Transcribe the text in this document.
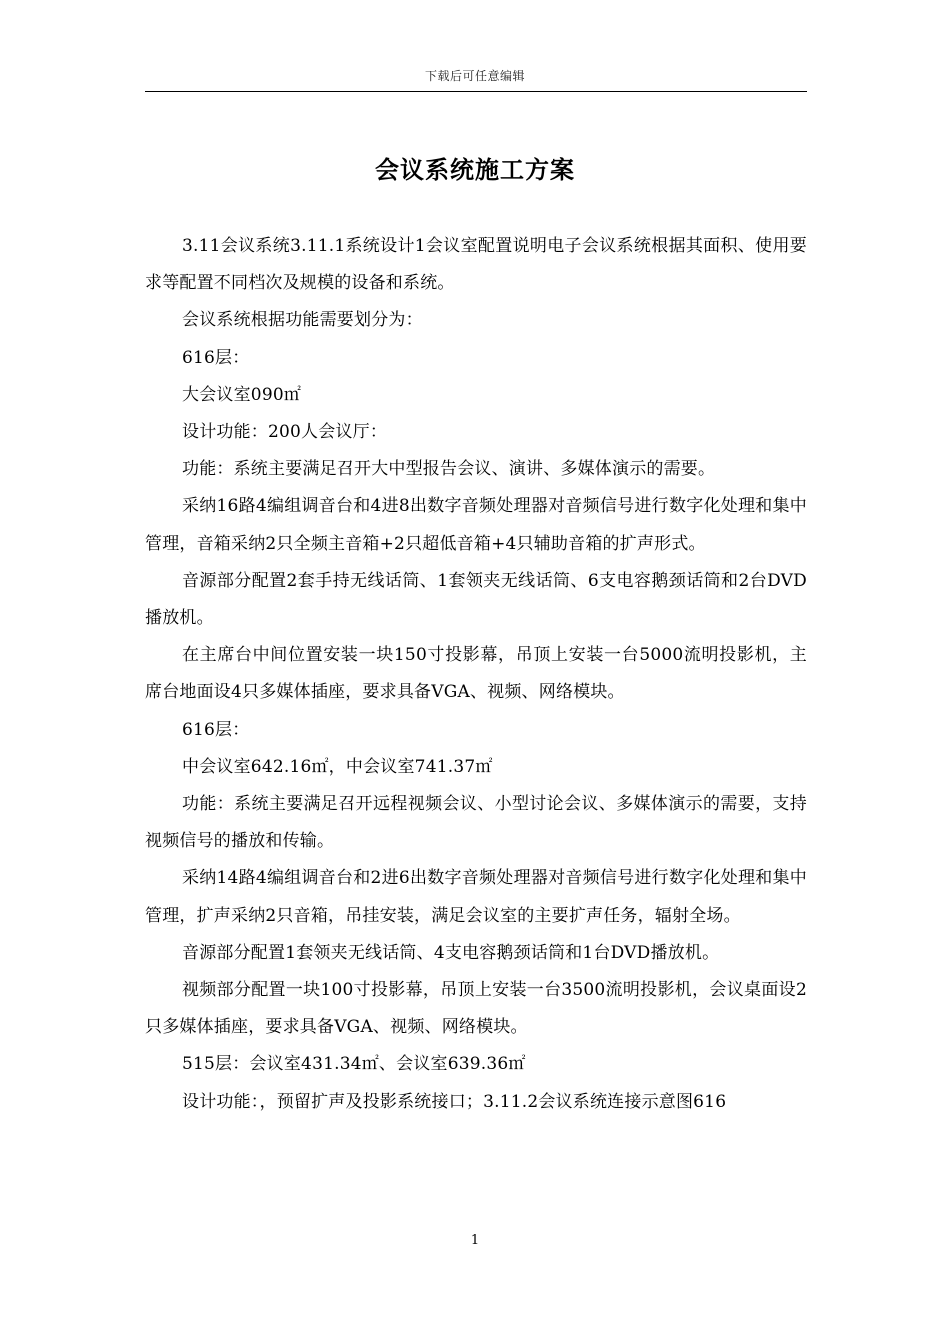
下载后可任意编辑
会议系统施工方案

3.11会议系统3.11.1系统设计1会议室配置说明电子会议系统根据其面积、使用要求等配置不同档次及规模的设备和系统。

会议系统根据功能需要划分为：

616层：

大会议室090㎡

设计功能：200人会议厅：

功能：系统主要满足召开大中型报告会议、演讲、多媒体演示的需要。

采纳16路4编组调音台和4进8出数字音频处理器对音频信号进行数字化处理和集中管理，音箱采纳2只全频主音箱+2只超低音箱+4只辅助音箱的扩声形式。

音源部分配置2套手持无线话筒、1套领夹无线话筒、6支电容鹅颈话筒和2台DVD播放机。

在主席台中间位置安装一块150寸投影幕，吊顶上安装一台5000流明投影机，主席台地面设4只多媒体插座，要求具备VGA、视频、网络模块。

616层：

中会议室642.16㎡，中会议室741.37㎡

功能：系统主要满足召开远程视频会议、小型讨论会议、多媒体演示的需要，支持视频信号的播放和传输。

采纳14路4编组调音台和2进6出数字音频处理器对音频信号进行数字化处理和集中管理，扩声采纳2只音箱，吊挂安装，满足会议室的主要扩声任务，辐射全场。

音源部分配置1套领夹无线话筒、4支电容鹅颈话筒和1台DVD播放机。

视频部分配置一块100寸投影幕，吊顶上安装一台3500流明投影机，会议桌面设2只多媒体插座，要求具备VGA、视频、网络模块。

515层：会议室431.34㎡、会议室639.36㎡

设计功能：，预留扩声及投影系统接口；3.11.2会议系统连接示意图616

1
